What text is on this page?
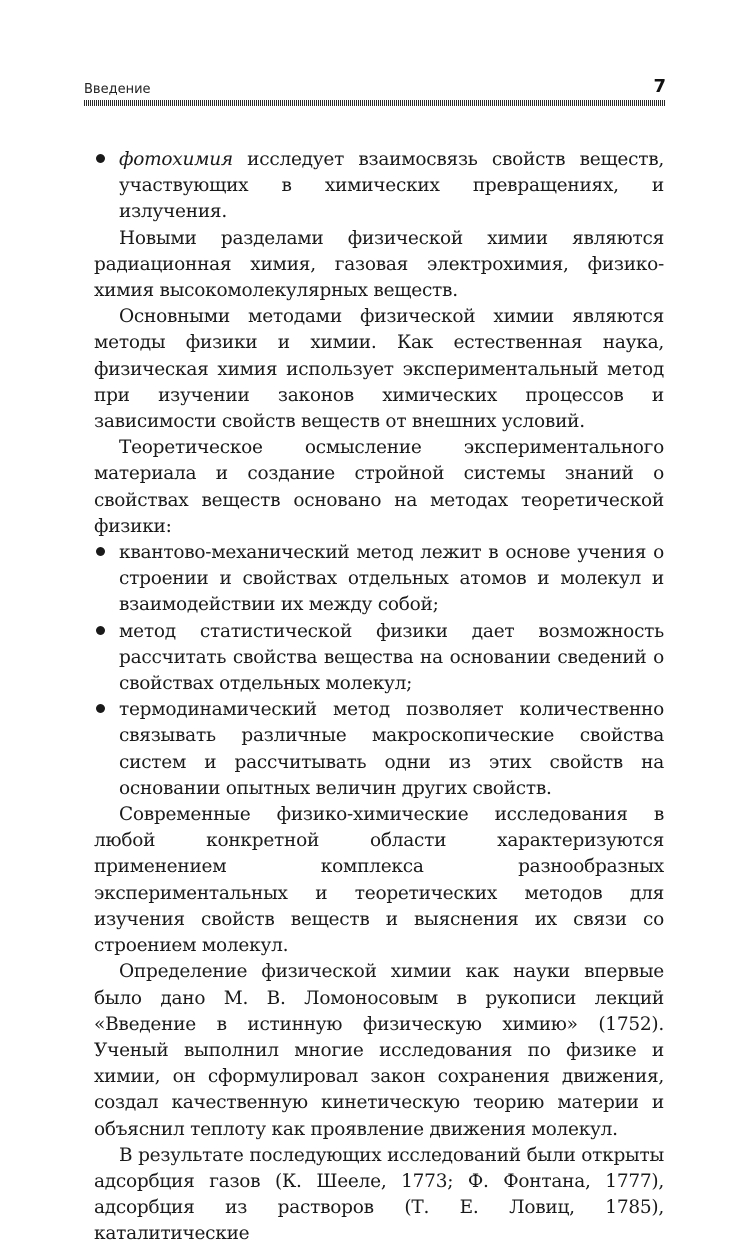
Введение	7

фотохимия исследует взаимосвязь свойств веществ, участвующих в химических превращениях, и излучения.

Новыми разделами физической химии являются радиационная химия, газовая электрохимия, физико-химия высокомолекулярных веществ.

Основными методами физической химии являются методы физики и химии. Как естественная наука, физическая химия использует экспериментальный метод при изучении законов химических процессов и зависимости свойств веществ от внешних условий.

Теоретическое осмысление экспериментального материала и создание стройной системы знаний о свойствах веществ основано на методах теоретической физики:

квантово-механический метод лежит в основе учения о строении и свойствах отдельных атомов и молекул и взаимодействии их между собой;

метод статистической физики дает возможность рассчитать свойства вещества на основании сведений о свойствах отдельных молекул;

термодинамический метод позволяет количественно связывать различные макроскопические свойства систем и рассчитывать одни из этих свойств на основании опытных величин других свойств.

Современные физико-химические исследования в любой конкретной области характеризуются применением комплекса разнообразных экспериментальных и теоретических методов для изучения свойств веществ и выяснения их связи со строением молекул.

Определение физической химии как науки впервые было дано М. В. Ломоносовым в рукописи лекций «Введение в истинную физическую химию» (1752). Ученый выполнил многие исследования по физике и химии, он сформулировал закон сохранения движения, создал качественную кинетическую теорию материи и объяснил теплоту как проявление движения молекул.

В результате последующих исследований были открыты адсорбция газов (К. Шееле, 1773; Ф. Фонтана, 1777), адсорбция из растворов (Т. Е. Ловиц, 1785), каталитические
